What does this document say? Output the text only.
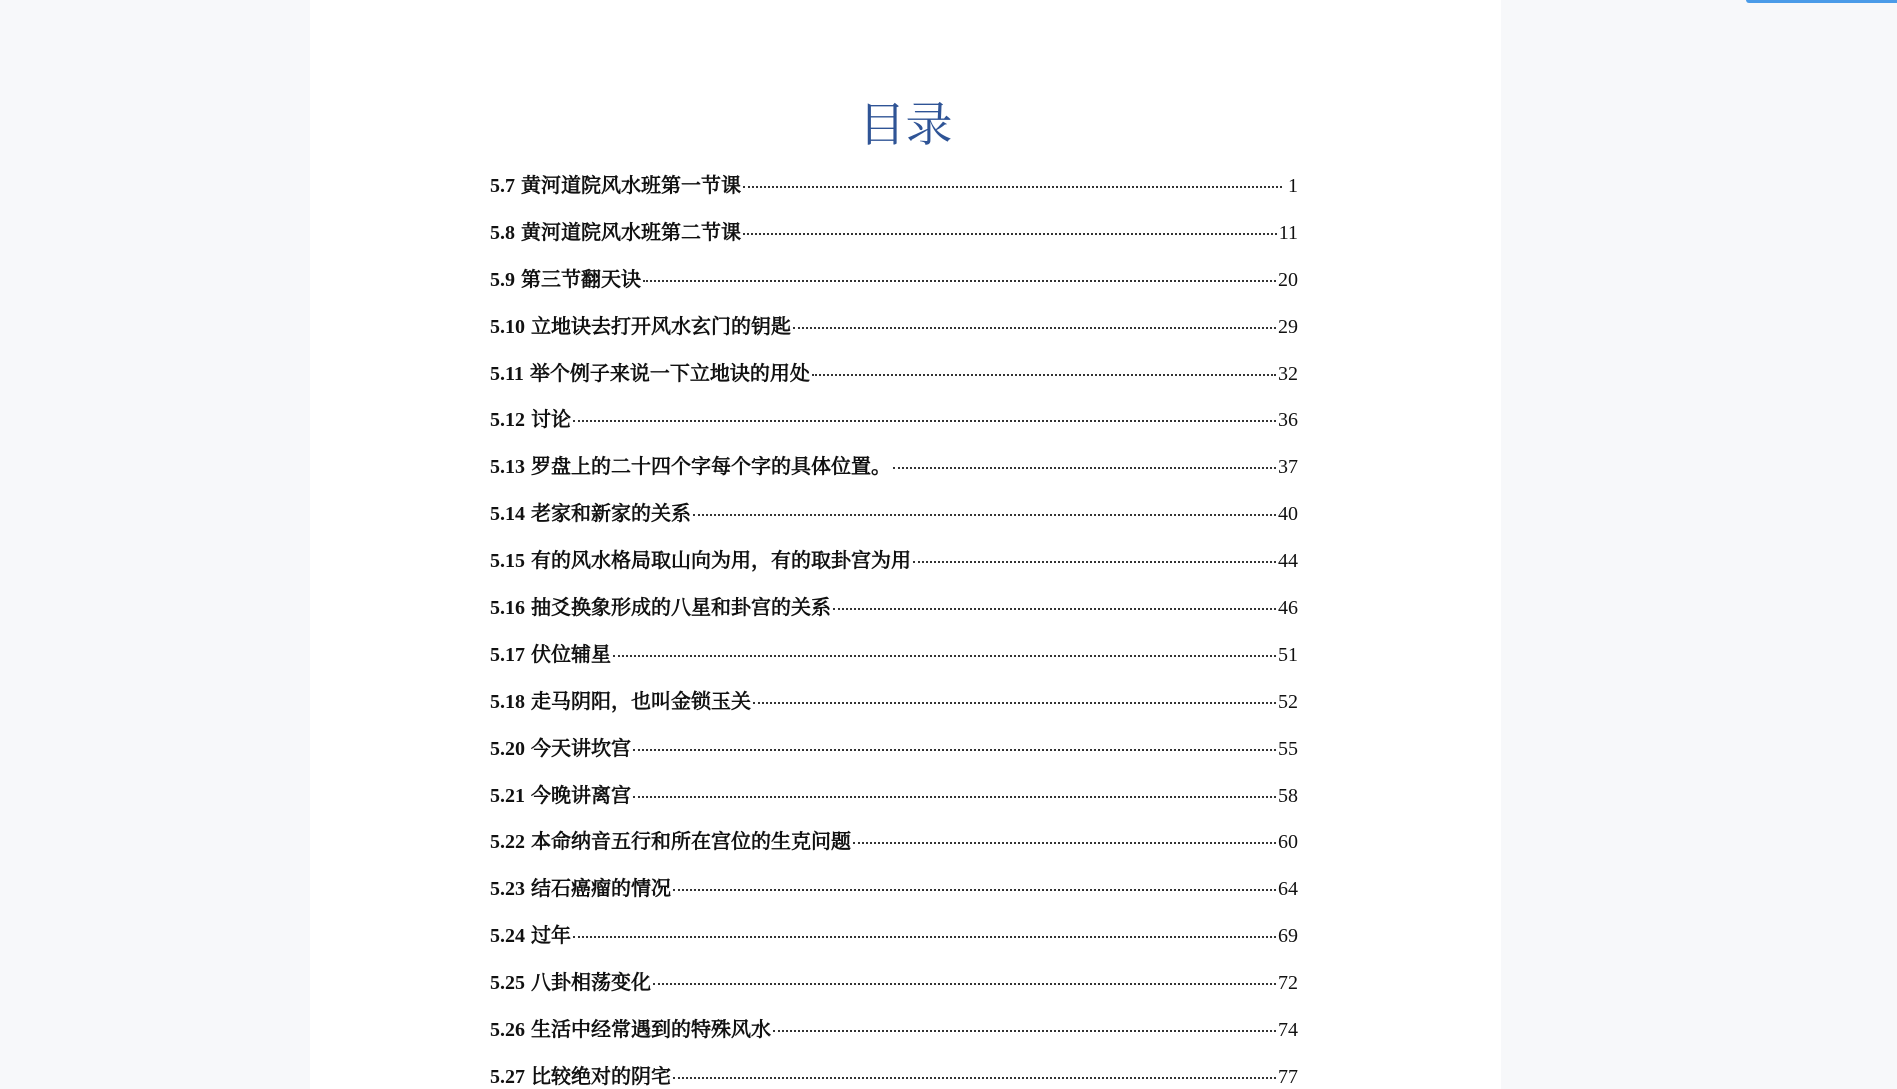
目录
5.7 黄河道院风水班第一节课	1
5.8 黄河道院风水班第二节课	11
5.9 第三节翻天诀	20
5.10 立地诀去打开风水玄门的钥匙	29
5.11 举个例子来说一下立地诀的用处	32
5.12 讨论	36
5.13 罗盘上的二十四个字每个字的具体位置。	37
5.14 老家和新家的关系	40
5.15 有的风水格局取山向为用，有的取卦宫为用	44
5.16 抽爻换象形成的八星和卦宫的关系	46
5.17 伏位辅星	51
5.18 走马阴阳，也叫金锁玉关	52
5.20 今天讲坎宫	55
5.21 今晚讲离宫	58
5.22 本命纳音五行和所在宫位的生克问题	60
5.23 结石癌瘤的情况	64
5.24 过年	69
5.25 八卦相荡变化	72
5.26 生活中经常遇到的特殊风水	74
5.27 比较绝对的阴宅	77
